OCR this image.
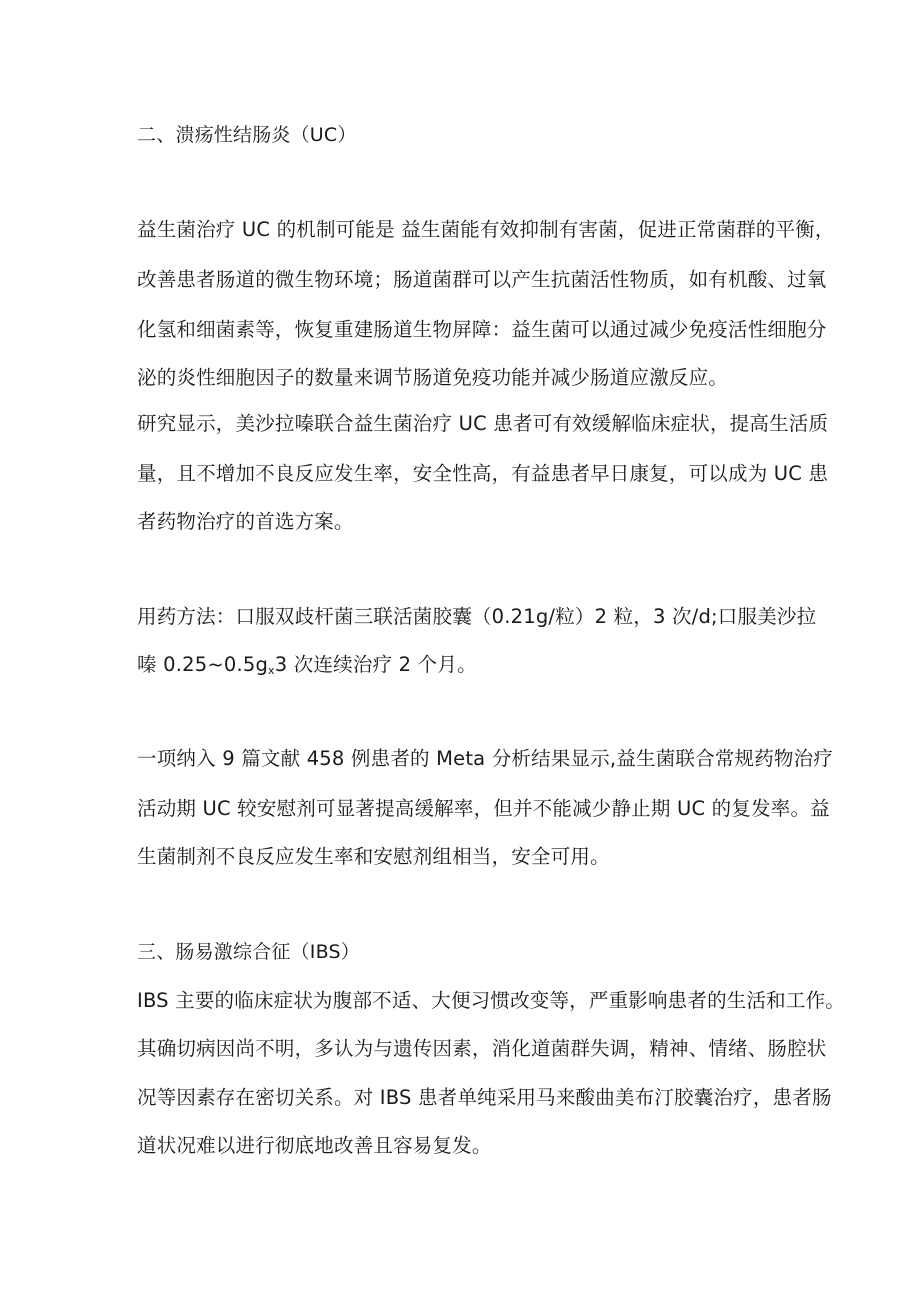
二、溃疡性结肠炎（UC）
益生菌治疗 UC 的机制可能是 益生菌能有效抑制有害菌，促进正常菌群的平衡，
改善患者肠道的微生物环境；肠道菌群可以产生抗菌活性物质，如有机酸、过氧
化氢和细菌素等，恢复重建肠道生物屏障：益生菌可以通过减少免疫活性细胞分
泌的炎性细胞因子的数量来调节肠道免疫功能并减少肠道应激反应。
研究显示，美沙拉嗪联合益生菌治疗 UC 患者可有效缓解临床症状，提高生活质
量，且不增加不良反应发生率，安全性高，有益患者早日康复，可以成为 UC 患
者药物治疗的首选方案。
用药方法：口服双歧杆菌三联活菌胶囊（0.21g/粒）2 粒，3 次/d;口服美沙拉
嗪 $0.25\sim 0.5g_x3$ 次连续治疗 2 个月。
一项纳入 9 篇文献 458 例患者的 Meta 分析结果显示,益生菌联合常规药物治疗
活动期 UC 较安慰剂可显著提高缓解率，但并不能减少静止期 UC 的复发率。益
生菌制剂不良反应发生率和安慰剂组相当，安全可用。
三、肠易激综合征（IBS）
IBS 主要的临床症状为腹部不适、大便习惯改变等，严重影响患者的生活和工作。
其确切病因尚不明，多认为与遗传因素，消化道菌群失调，精神、情绪、肠腔状
况等因素存在密切关系。对 IBS 患者单纯采用马来酸曲美布汀胶囊治疗，患者肠
道状况难以进行彻底地改善且容易复发。
